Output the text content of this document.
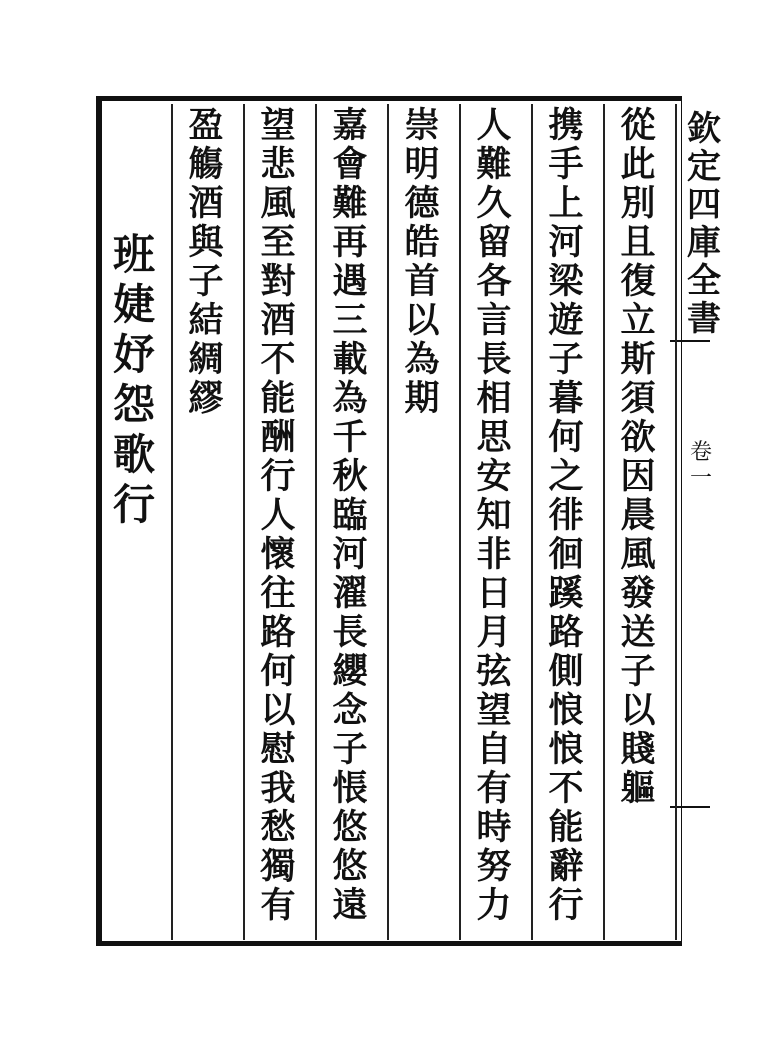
欽
定
四
庫
全
書
卷
一
從
此
別
且
復
立
斯
須
欲
因
晨
風
發
送
子
以
賤
軀
携
手
上
河
梁
遊
子
暮
何
之
徘
徊
蹊
路
側
悢
悢
不
能
辭
行
人
難
久
留
各
言
長
相
思
安
知
非
日
月
弦
望
自
有
時
努
力
崇
明
德
皓
首
以
為
期
嘉
會
難
再
遇
三
載
為
千
秋
臨
河
濯
長
纓
念
子
悵
悠
悠
遠
望
悲
風
至
對
酒
不
能
酬
行
人
懷
往
路
何
以
慰
我
愁
獨
有
盈
觴
酒
與
子
結
綢
繆
班
婕
妤
怨
歌
行
